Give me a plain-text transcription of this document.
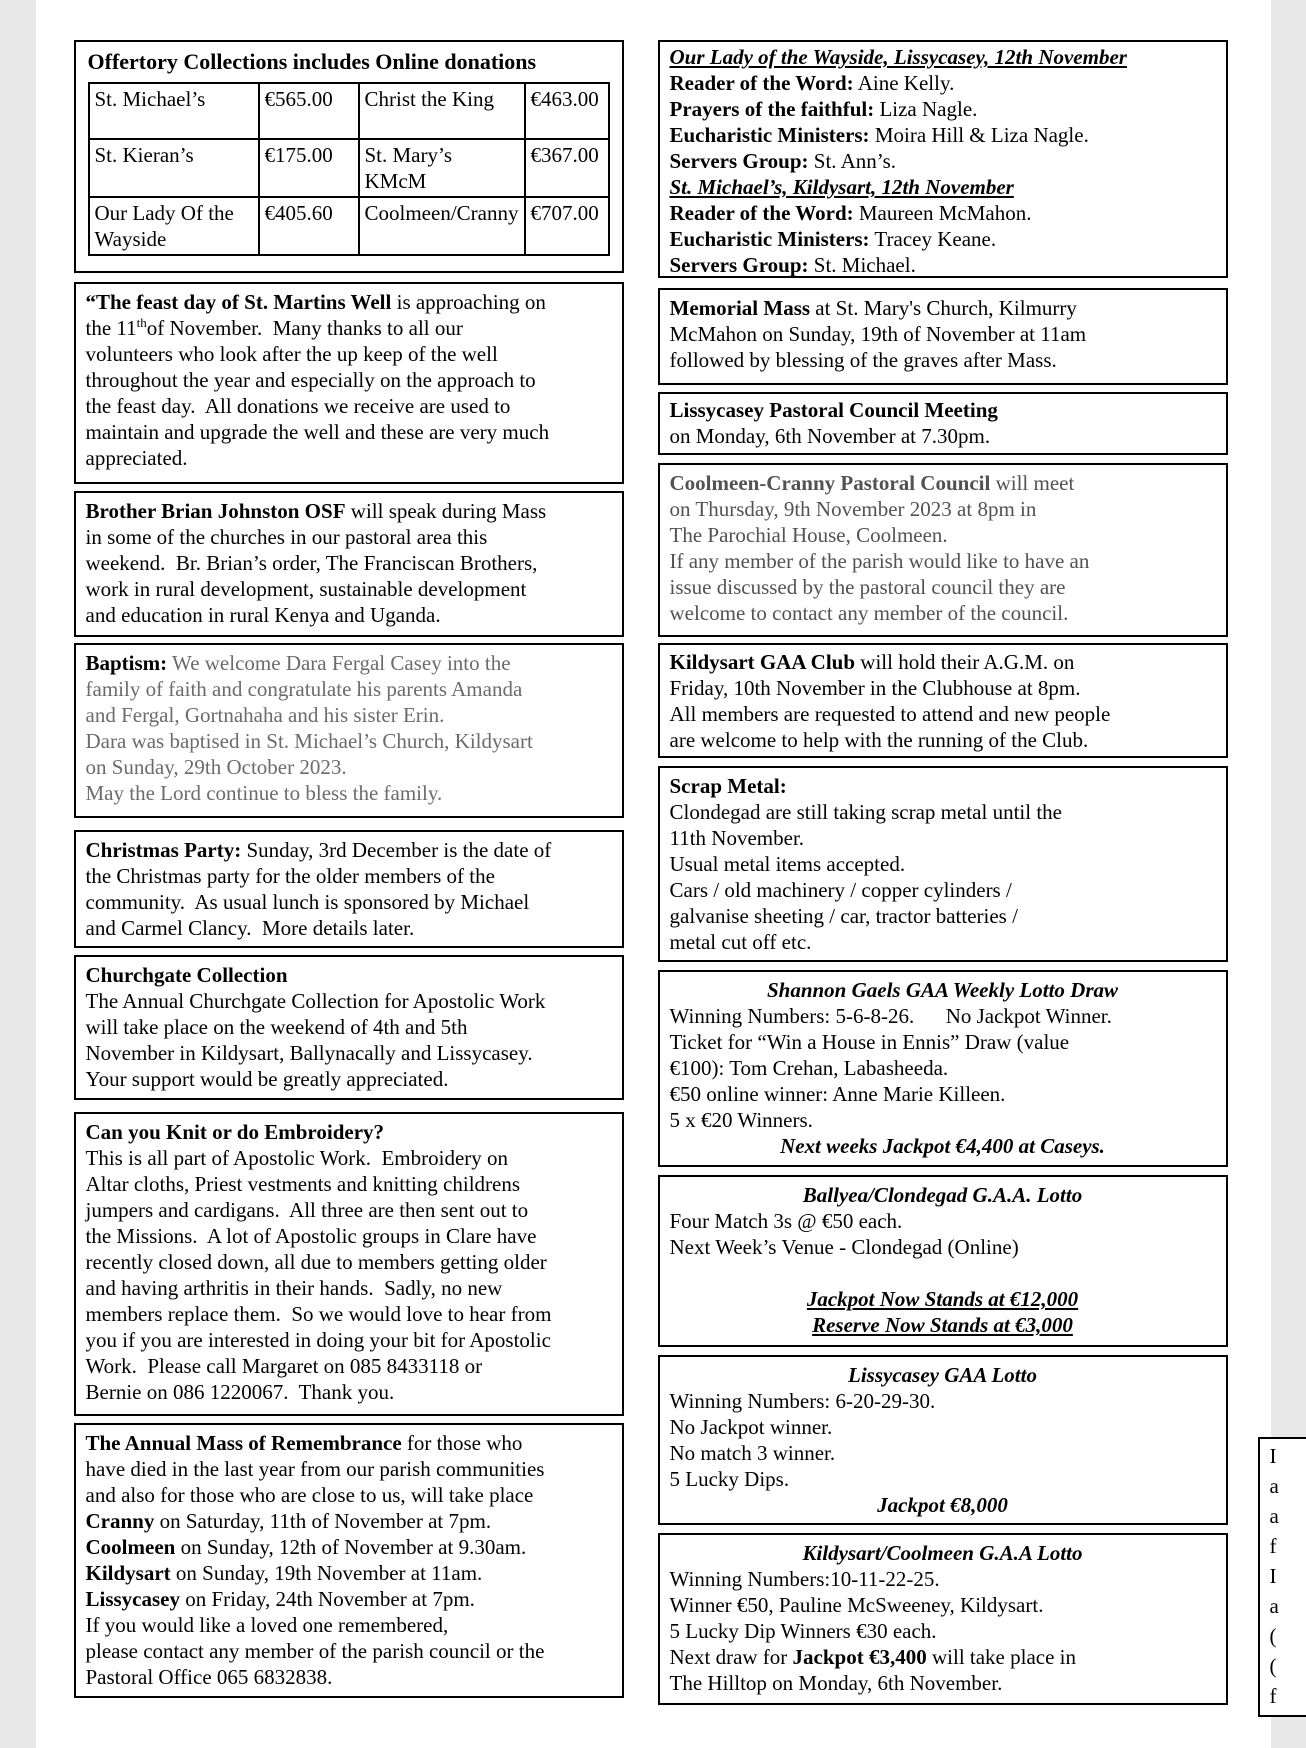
Offertory Collections includes Online donations
St. Michael’s	€565.00	Christ the King	€463.00
St. Kieran’s	€175.00	St. Mary’s KMcM	€367.00
Our Lady Of the Wayside	€405.60	Coolmeen/Cranny	€707.00
“The feast day of St. Martins Well is approaching on
the 11thof November.  Many thanks to all our
volunteers who look after the up keep of the well
throughout the year and especially on the approach to
the feast day.  All donations we receive are used to
maintain and upgrade the well and these are very much
appreciated.
Brother Brian Johnston OSF will speak during Mass
in some of the churches in our pastoral area this
weekend.  Br. Brian’s order, The Franciscan Brothers,
work in rural development, sustainable development
and education in rural Kenya and Uganda.
Baptism: We welcome Dara Fergal Casey into the
family of faith and congratulate his parents Amanda
and Fergal, Gortnahaha and his sister Erin.
Dara was baptised in St. Michael’s Church, Kildysart
on Sunday, 29th October 2023.
May the Lord continue to bless the family.
Christmas Party: Sunday, 3rd December is the date of
the Christmas party for the older members of the
community.  As usual lunch is sponsored by Michael
and Carmel Clancy.  More details later.
Churchgate Collection
The Annual Churchgate Collection for Apostolic Work
will take place on the weekend of 4th and 5th
November in Kildysart, Ballynacally and Lissycasey.
Your support would be greatly appreciated.
Can you Knit or do Embroidery?
This is all part of Apostolic Work.  Embroidery on
Altar cloths, Priest vestments and knitting childrens
jumpers and cardigans.  All three are then sent out to
the Missions.  A lot of Apostolic groups in Clare have
recently closed down, all due to members getting older
and having arthritis in their hands.  Sadly, no new
members replace them.  So we would love to hear from
you if you are interested in doing your bit for Apostolic
Work.  Please call Margaret on 085 8433118 or
Bernie on 086 1220067.  Thank you.
The Annual Mass of Remembrance for those who
have died in the last year from our parish communities
and also for those who are close to us, will take place
Cranny on Saturday, 11th of November at 7pm.
Coolmeen on Sunday, 12th of November at 9.30am.
Kildysart on Sunday, 19th November at 11am.
Lissycasey on Friday, 24th November at 7pm.
If you would like a loved one remembered,
please contact any member of the parish council or the
Pastoral Office 065 6832838.
Our Lady of the Wayside, Lissycasey, 12th November
Reader of the Word: Aine Kelly.
Prayers of the faithful: Liza Nagle.
Eucharistic Ministers: Moira Hill & Liza Nagle.
Servers Group: St. Ann’s.
St. Michael’s, Kildysart, 12th November
Reader of the Word: Maureen McMahon.
Eucharistic Ministers: Tracey Keane.
Servers Group: St. Michael.
Memorial Mass at St. Mary's Church, Kilmurry
McMahon on Sunday, 19th of November at 11am
followed by blessing of the graves after Mass.
Lissycasey Pastoral Council Meeting
on Monday, 6th November at 7.30pm.
Coolmeen-Cranny Pastoral Council will meet
on Thursday, 9th November 2023 at 8pm in
The Parochial House, Coolmeen.
If any member of the parish would like to have an
issue discussed by the pastoral council they are
welcome to contact any member of the council.
Kildysart GAA Club will hold their A.G.M. on
Friday, 10th November in the Clubhouse at 8pm.
All members are requested to attend and new people
are welcome to help with the running of the Club.
Scrap Metal:
Clondegad are still taking scrap metal until the
11th November.
Usual metal items accepted.
Cars / old machinery / copper cylinders /
galvanise sheeting / car, tractor batteries /
metal cut off etc.
Shannon Gaels GAA Weekly Lotto Draw
Winning Numbers: 5-6-8-26.      No Jackpot Winner.
Ticket for “Win a House in Ennis” Draw (value
€100): Tom Crehan, Labasheeda.
€50 online winner: Anne Marie Killeen.
5 x €20 Winners.
Next weeks Jackpot €4,400 at Caseys.
Ballyea/Clondegad G.A.A. Lotto
Four Match 3s @ €50 each.
Next Week’s Venue - Clondegad (Online)

Jackpot Now Stands at €12,000
Reserve Now Stands at €3,000
Lissycasey GAA Lotto
Winning Numbers: 6-20-29-30.
No Jackpot winner.
No match 3 winner.
5 Lucky Dips.
Jackpot €8,000
Kildysart/Coolmeen G.A.A Lotto
Winning Numbers:10-11-22-25.
Winner €50, Pauline McSweeney, Kildysart.
5 Lucky Dip Winners €30 each.
Next draw for Jackpot €3,400 will take place in
The Hilltop on Monday, 6th November.
I
a
a
f
I
a
(
(
f
